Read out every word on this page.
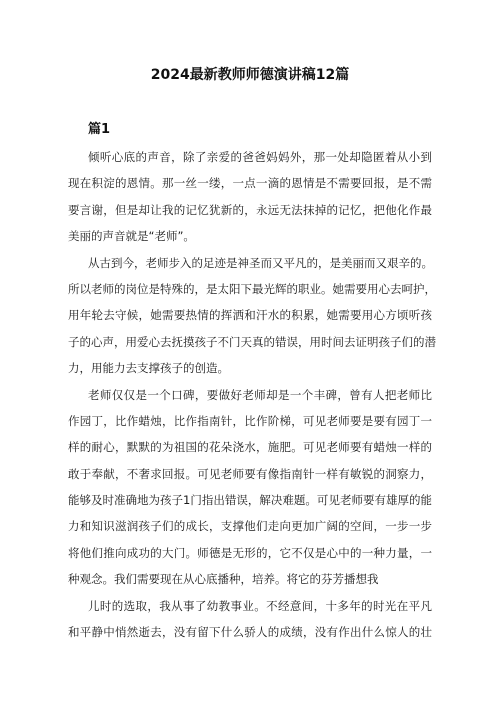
2024最新教师师德演讲稿12篇
篇1
倾听心底的声音，除了亲爱的爸爸妈妈外，那一处却隐匿着从小到
现在积淀的恩情。那一丝一缕，一点一滴的恩情是不需要回报，是不需
要言谢，但是却让我的记忆犹新的，永远无法抹掉的记忆，把他化作最
美丽的声音就是“老师”。
从古到今，老师步入的足迹是神圣而又平凡的，是美丽而又艰辛的。
所以老师的岗位是特殊的，是太阳下最光辉的职业。她需要用心去呵护，
用年轮去守候，她需要热情的挥洒和汗水的积累，她需要用心方顷听孩
子的心声，用爱心去抚摸孩子不门天真的错误，用时间去证明孩子们的潜
力，用能力去支撑孩子的创造。
老师仅仅是一个口碑，要做好老师却是一个丰碑，曾有人把老师比
作园丁，比作蜡烛，比作指南针，比作阶梯，可见老师要是要有园丁一
样的耐心，默默的为祖国的花朵浇水，施肥。可见老师要有蜡烛一样的
敢于奉献，不奢求回报。可见老师要有像指南针一样有敏锐的洞察力，
能够及时准确地为孩子1门指出错误，解决难题。可见老师要有雄厚的能
力和知识滋润孩子们的成长，支撑他们走向更加广阔的空间，一步一步
将他们推向成功的大门。师德是无形的，它不仅是心中的一种力量，一
种观念。我们需要现在从心底播种，培养。将它的芬芳播想我
儿时的选取，我从事了幼教事业。不经意间，十多年的时光在平凡
和平静中悄然逝去，没有留下什么骄人的成绩，没有作出什么惊人的壮
